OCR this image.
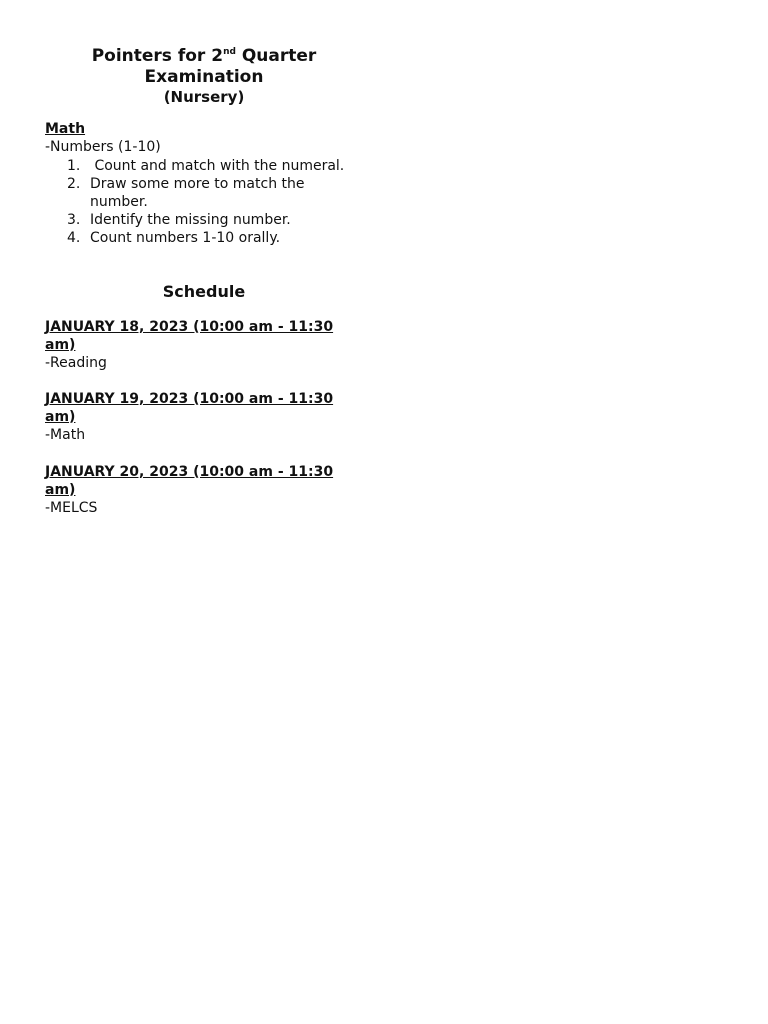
Pointers for 2nd Quarter Examination
(Nursery)
Math
-Numbers (1-10)
1. Count and match with the numeral.
2. Draw some more to match the number.
3. Identify the missing number.
4. Count numbers 1-10 orally.
Schedule
JANUARY 18, 2023 (10:00 am - 11:30 am)
-Reading
JANUARY 19, 2023 (10:00 am - 11:30 am)
-Math
JANUARY 20, 2023 (10:00 am - 11:30 am)
-MELCS
